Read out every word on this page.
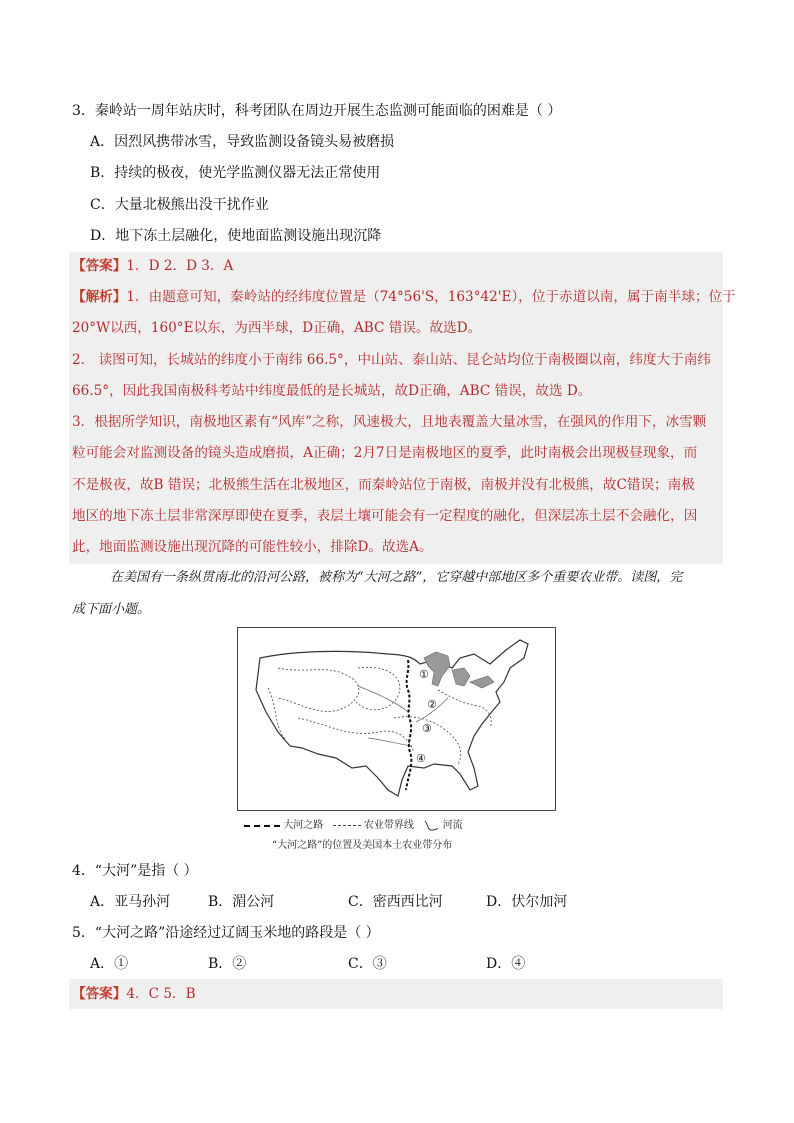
3．秦岭站一周年站庆时，科考团队在周边开展生态监测可能面临的困难是（ ）
A．因烈风携带冰雪，导致监测设备镜头易被磨损
B．持续的极夜，使光学监测仪器无法正常使用
C．大量北极熊出没干扰作业
D．地下冻土层融化，使地面监测设施出现沉降
【答案】1．D 2．D 3．A
【解析】1．由题意可知，秦岭站的经纬度位置是（74°56'S，163°42'E），位于赤道以南，属于南半球；位于
20°W以西，160°E以东，为西半球，D正确，ABC 错误。故选D。
2． 读图可知，长城站的纬度小于南纬 66.5°，中山站、泰山站、昆仑站均位于南极圈以南，纬度大于南纬
66.5°，因此我国南极科考站中纬度最低的是长城站，故D正确，ABC 错误，故选 D。
3．根据所学知识，南极地区素有“风库”之称，风速极大，且地表覆盖大量冰雪，在强风的作用下，冰雪颗
粒可能会对监测设备的镜头造成磨损，A正确；2月7日是南极地区的夏季，此时南极会出现极昼现象，而
不是极夜，故B 错误；北极熊生活在北极地区，而秦岭站位于南极，南极并没有北极熊，故C错误；南极
地区的地下冻土层非常深厚即使在夏季，表层土壤可能会有一定程度的融化，但深层冻土层不会融化，因
此，地面监测设施出现沉降的可能性较小，排除D。故选A。
在美国有一条纵贯南北的沿河公路，被称为“大河之路”，它穿越中部地区多个重要农业带。读图，完
成下面小题。
①
②
③
④
大河之路	农业带界线	河流
“大河之路”的位置及美国本土农业带分布
4．“大河”是指（ ）
A．亚马孙河	B．湄公河	C．密西西比河	D．伏尔加河
5．“大河之路”沿途经过辽阔玉米地的路段是（ ）
A．①	B．②	C．③	D．④
【答案】4．C 5．B
